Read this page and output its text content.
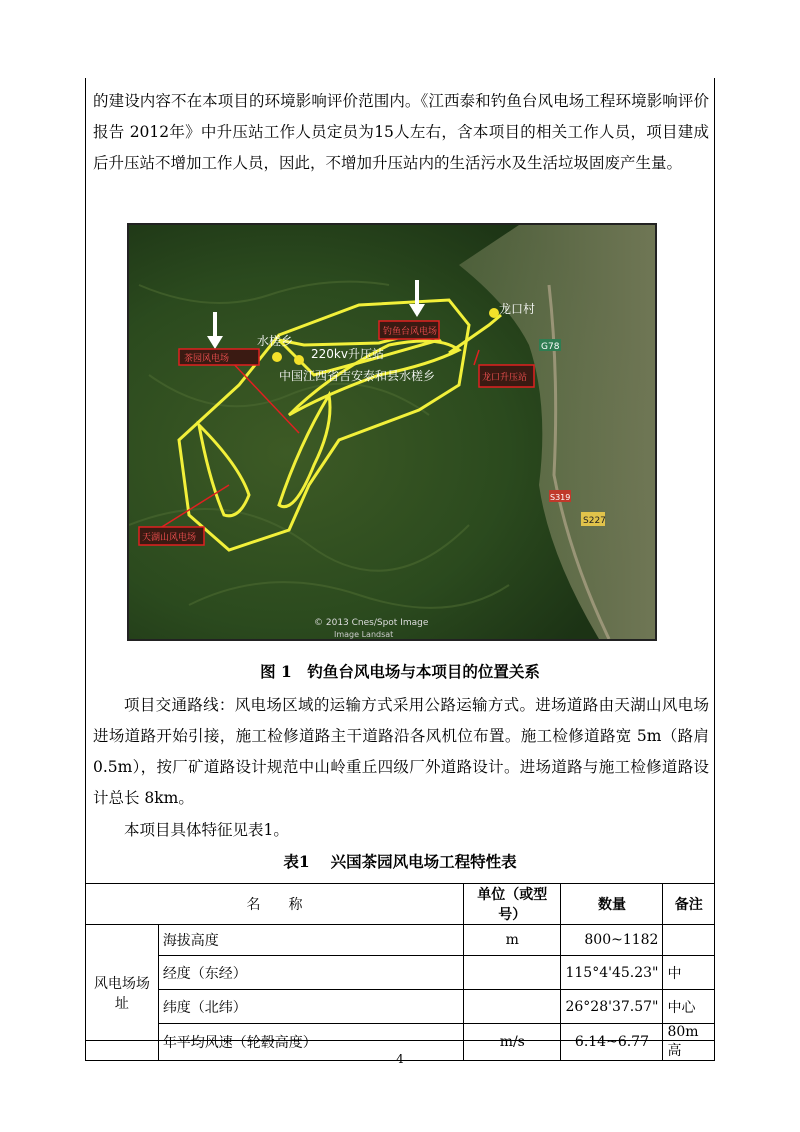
的建设内容不在本项目的环境影响评价范围内。《江西泰和钓鱼台风电场工程环境影响评价报告 2012年》中升压站工作人员定员为15人左右，含本项目的相关工作人员，项目建成后升压站不增加工作人员，因此，不增加升压站内的生活污水及生活垃圾固废产生量。
水槎乡
220kv升压站
中国江西省吉安泰和县水槎乡
龙口村
© 2013 Cnes/Spot Image
Image Landsat
G78
S319
S227
茶园风电场
钓鱼台风电场
龙口升压站
天湖山风电场
图 1　钓鱼台风电场与本项目的位置关系
项目交通路线：风电场区域的运输方式采用公路运输方式。进场道路由天湖山风电场进场道路开始引接，施工检修道路主干道路沿各风机位布置。施工检修道路宽 5m（路肩 0.5m），按厂矿道路设计规范中山岭重丘四级厂外道路设计。进场道路与施工检修道路设计总长 8km。
本项目具体特征见表1。
表1　 兴国茶园风电场工程特性表
名　　称		单位（或型号）	数量	备注
风电场场址	海拔高度	m	800~1182	
	经度（东经）		115°4'45.23"	中
	纬度（北纬）		26°28'37.57"	中心
	年平均风速（轮毂高度）	m/s	6.14~6.77	80m高
4
